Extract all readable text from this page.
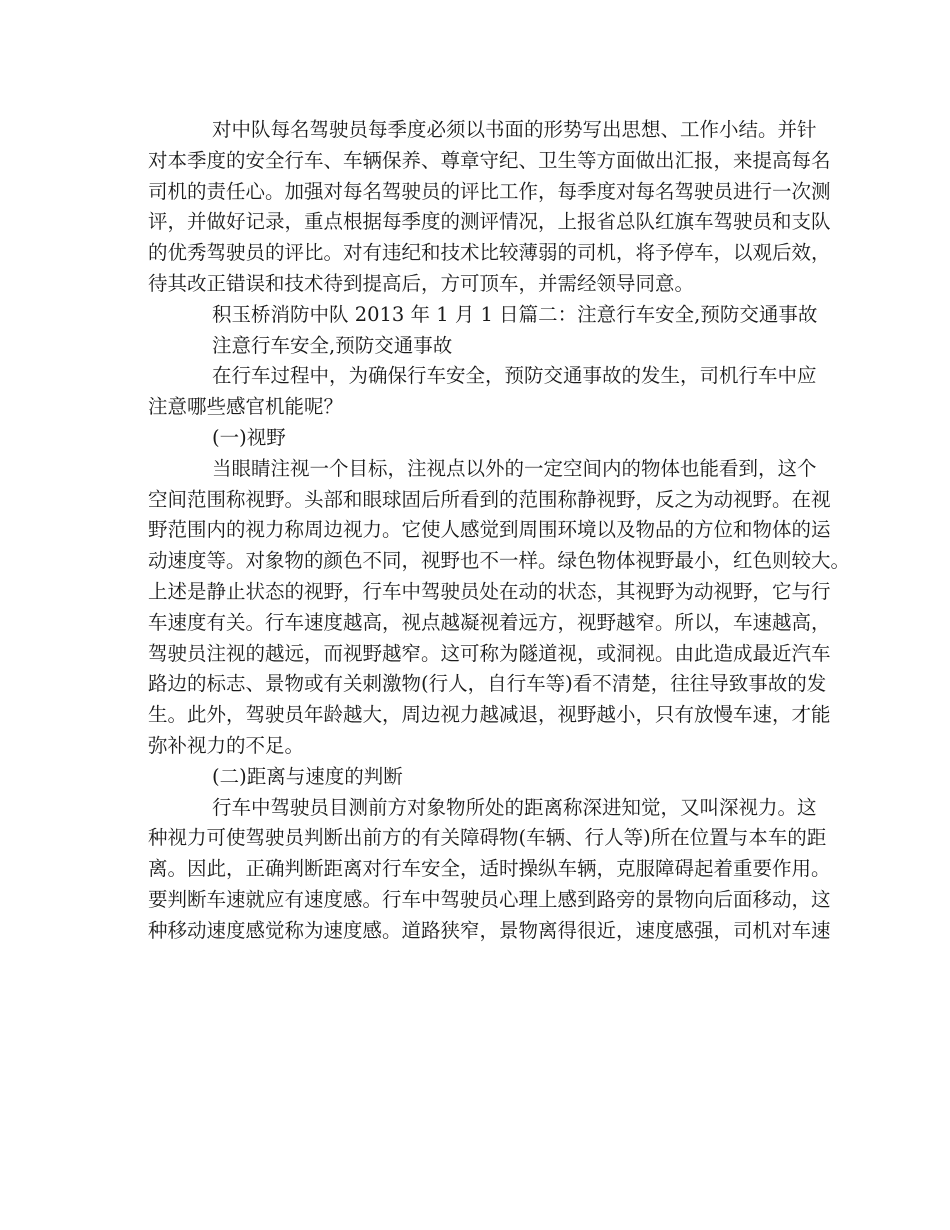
对中队每名驾驶员每季度必须以书面的形势写出思想、工作小结。并针
对本季度的安全行车、车辆保养、尊章守纪、卫生等方面做出汇报，来提高每名
司机的责任心。加强对每名驾驶员的评比工作，每季度对每名驾驶员进行一次测
评，并做好记录，重点根据每季度的测评情况，上报省总队红旗车驾驶员和支队
的优秀驾驶员的评比。对有违纪和技术比较薄弱的司机，将予停车，以观后效，
待其改正错误和技术待到提高后，方可顶车，并需经领导同意。
积玉桥消防中队 2013 年 1 月 1 日篇二：注意行车安全,预防交通事故
注意行车安全,预防交通事故
在行车过程中，为确保行车安全，预防交通事故的发生，司机行车中应
注意哪些感官机能呢？
(一)视野
当眼睛注视一个目标，注视点以外的一定空间内的物体也能看到，这个
空间范围称视野。头部和眼球固后所看到的范围称静视野，反之为动视野。在视
野范围内的视力称周边视力。它使人感觉到周围环境以及物品的方位和物体的运
动速度等。对象物的颜色不同，视野也不一样。绿色物体视野最小，红色则较大。
上述是静止状态的视野，行车中驾驶员处在动的状态，其视野为动视野，它与行
车速度有关。行车速度越高，视点越凝视着远方，视野越窄。所以，车速越高，
驾驶员注视的越远，而视野越窄。这可称为隧道视，或洞视。由此造成最近汽车
路边的标志、景物或有关刺激物(行人，自行车等)看不清楚，往往导致事故的发
生。此外，驾驶员年龄越大，周边视力越减退，视野越小，只有放慢车速，才能
弥补视力的不足。
(二)距离与速度的判断
行车中驾驶员目测前方对象物所处的距离称深进知觉，又叫深视力。这
种视力可使驾驶员判断出前方的有关障碍物(车辆、行人等)所在位置与本车的距
离。因此，正确判断距离对行车安全，适时操纵车辆，克服障碍起着重要作用。
要判断车速就应有速度感。行车中驾驶员心理上感到路旁的景物向后面移动，这
种移动速度感觉称为速度感。道路狭窄，景物离得很近，速度感强，司机对车速
